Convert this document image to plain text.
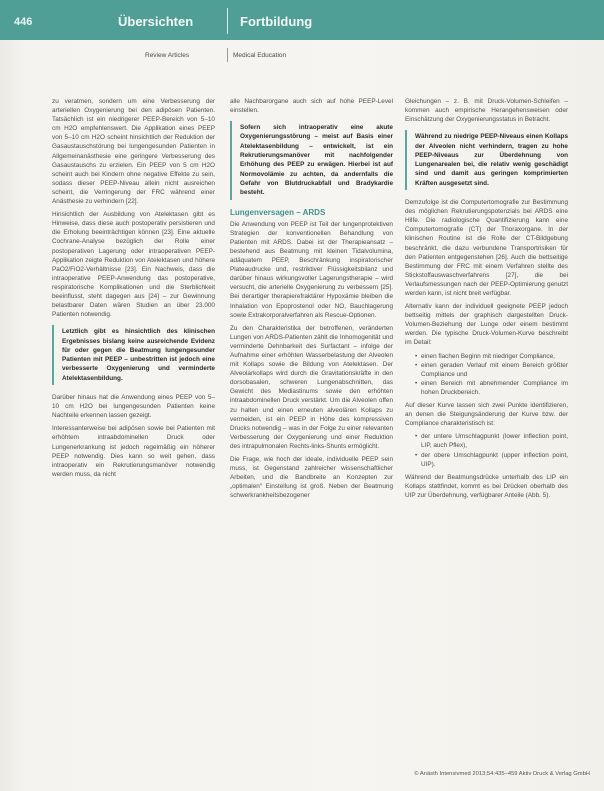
446	Übersichten	Fortbildung
Review Articles	Medical Education

zu veratmen, sondern um eine Verbesserung der arteriellen Oxygenierung bei den adipösen Patienten. Tatsächlich ist ein niedrigerer PEEP-Bereich von 5–10 cm H2O empfehlenswert. Die Applikation eines PEEP von 5–10 cm H2O scheint hinsichtlich der Reduktion der Gasaustauschstörung bei lungengesunden Patienten in Allgemeinanästhesie eine geringere Verbesserung des Gasaustauschs zu erzielen. Ein PEEP von 5 cm H2O scheint auch bei Kindern ohne negative Effekte zu sein, sodass dieser PEEP-Niveau allein nicht ausreichen scheint, die Verringerung der FRC während einer Anästhesie zu verhindern [22].

Hinsichtlich der Ausbildung von Atelektasen gibt es Hinweise, dass diese auch postoperativ persistieren und die Erholung beeinträchtigen können [23]. Eine aktuelle Cochrane-Analyse bezüglich der Rolle einer postoperativen Lagerung oder intraoperativen PEEP-Applikation zeigte Reduktion von Atelektasen und höhere PaO2/FiO2-Verhältnisse [23]. Ein Nachweis, dass die intraoperative PEEP-Anwendung das postoperative, respiratorische Komplikationen und die Sterblichkeit beeinflusst, steht dagegen aus [24] – zur Gewinnung belastbarer Daten wären Studien an über 23.000 Patienten notwendig.

Letztlich gibt es hinsichtlich des klinischen Ergebnisses bislang keine ausreichende Evidenz für oder gegen die Beatmung lungengesunder Patienten mit PEEP – unbestritten ist jedoch eine verbesserte Oxygenierung und verminderte Atelektasenbildung.

Darüber hinaus hat die Anwendung eines PEEP von 5–10 cm H2O bei lungengesunden Patienten keine Nachteile erkennen lassen gezeigt.

Interessanterweise bei adipösen sowie bei Patienten mit erhöhtem intraabdominellen Druck oder Lungenerkrankung ist jedoch regelmäßig ein höherer PEEP notwendig. Dies kann so weit gehen, dass intraoperativ ein Rekrutierungsmanöver notwendig werden muss, da nicht

alle Nachbarorgane auch sich auf hohe PEEP-Level einstellen.

Sofern sich intraoperativ eine akute Oxygenierungsstörung – meist auf Basis einer Atelektasenbildung – entwickelt, ist ein Rekrutierungsmanöver mit nachfolgender Erhöhung des PEEP zu erwägen. Hierbei ist auf Normovolämie zu achten, da andernfalls die Gefahr von Blutdruckabfall und Bradykardie besteht.
Lungenversagen – ARDS

Die Anwendung von PEEP ist Teil der lungenprotektiven Strategien der konventionellen Behandlung von Patienten mit ARDS. Dabei ist der Therapieansatz – bestehend aus Beatmung mit kleinen Tidalvolumina, adäquatem PEEP, Beschränkung inspiratorischer Plateaudrucke und, restriktiver Flüssigkeitsbilanz und darüber hinaus wirkungsvoller Lagerungstherapie – wird versucht, die arterielle Oxygenierung zu verbessern [25]. Bei derartiger therapierefraktärer Hypoxämie bleiben die Inhalation von Epoprostenol oder NO, Bauchlagerung sowie Extrakorporalverfahren als Rescue-Optionen.

Zu den Charakteristika der betroffenen, veränderten Lungen von ARDS-Patienten zählt die Inhomogenität und verminderte Dehnbarkeit des Surfactant – infolge der Aufnahme einer erhöhten Wasserbelastung der Alveolen mit Kollaps sowie die Bildung von Atelektasen. Der Alveolarkollaps wird durch die Gravitationskräfte in den dorsobasalen, schweren Lungenabschnitten, das Gewicht des Mediastinums sowie den erhöhten intraabdominellen Druck verstärkt. Um die Alveolen offen zu halten und einen erneuten alveolären Kollaps zu vermeiden, ist ein PEEP in Höhe des kompressiven Drucks notwendig – was in der Folge zu einer relevanten Verbesserung der Oxygenierung und einer Reduktion des intrapulmonalen Rechts-links-Shunts ermöglicht.

Die Frage, wie hoch der ideale, individuelle PEEP sein muss, ist Gegenstand zahlreicher wissenschaftlicher Arbeiten, und die Bandbreite an Konzepten zur „optimalen“ Einstellung ist groß. Neben der Beatmung schwerkrankheitsbezogener

Gleichungen – z. B. mit Druck-Volumen-Schleifen – kommen auch empirische Herangehensweisen oder Einschätzung der Oxygenierungsstatus in Betracht.

Während zu niedrige PEEP-Niveaus einen Kollaps der Alveolen nicht verhindern, tragen zu hohe PEEP-Niveaus zur Überdehnung von Lungenarealen bei, die relativ wenig geschädigt sind und damit aus geringen komprimierten Kräften ausgesetzt sind.

Demzufolge ist die Computertomografie zur Bestimmung des möglichen Rekrutierungspotenzials bei ARDS eine Hilfe. Die radiologische Quantifizierung kann eine Computertomografie (CT) der Thoraxorgane. In der klinischen Routine ist die Rolle der CT-Bildgebung beschränkt, die dazu verbundene Transportrisiken für den Patienten entgegenstehen [26]. Auch die bettseitige Bestimmung der FRC mit einem Verfahren stellte des Stickstoffauswaschverfahrens [27], die bei Verlaufsmessungen nach der PEEP-Optimierung genutzt werden kann, ist nicht breit verfügbar.

Alternativ kann der individuell geeignete PEEP jedoch bettseitig mittels der graphisch dargestellten Druck-Volumen-Beziehung der Lunge oder einem bestimmt werden. Die typische Druck-Volumen-Kurve beschreibt im Detail:

• einen flachen Beginn mit niedriger Compliance,
• einen geraden Verlauf mit einem Bereich größter Compliance und
• einen Bereich mit abnehmender Compliance im hohen Druckbereich.

Auf dieser Kurve lassen sich zwei Punkte identifizieren, an denen die Steigungsänderung der Kurve bzw. der Compliance charakteristisch ist:

• der untere Umschlagpunkt (lower inflection point, LIP, auch Pflex),
• der obere Umschlagpunkt (upper inflection point, UIP).

Während der Beatmungsdrücke unterhalb des LIP ein Kollaps stattfindet, kommt es bei Drücken oberhalb des UIP zur Überdehnung, verfügbarer Anteile (Abb. 5).

© Anästh Intensivmed 2013;54:435–459 Aktiv Druck & Verlag GmbH
